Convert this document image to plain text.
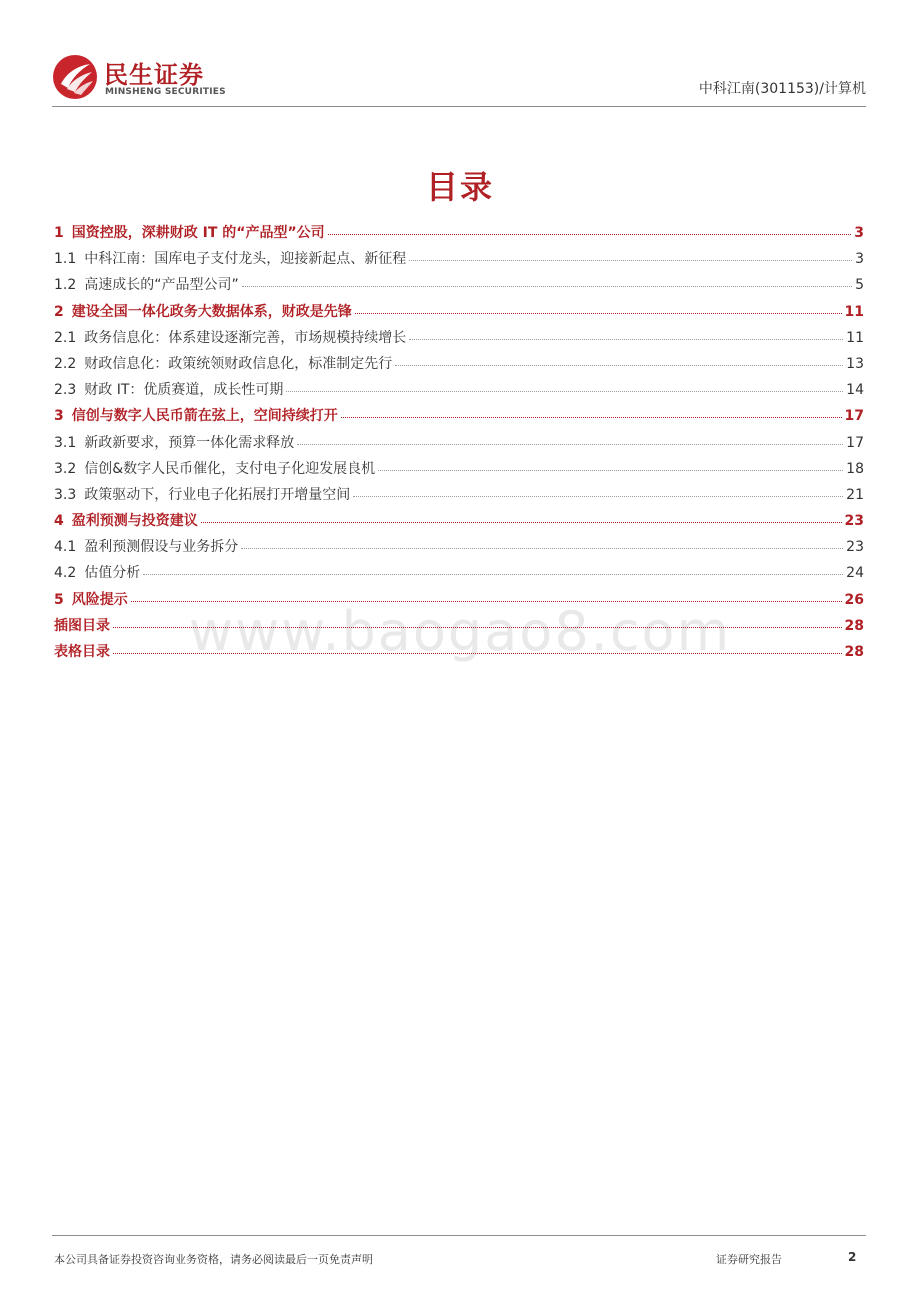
民生证券
MINSHENG SECURITIES	中科江南(301153)/计算机
目录
www.baogao8.com
1 国资控股，深耕财政 IT 的“产品型”公司	3
1.1 中科江南：国库电子支付龙头，迎接新起点、新征程	3
1.2 高速成长的“产品型公司”	5
2 建设全国一体化政务大数据体系，财政是先锋	11
2.1 政务信息化：体系建设逐渐完善，市场规模持续增长	11
2.2 财政信息化：政策统领财政信息化，标准制定先行	13
2.3 财政 IT：优质赛道，成长性可期	14
3 信创与数字人民币箭在弦上，空间持续打开	17
3.1 新政新要求，预算一体化需求释放	17
3.2 信创&数字人民币催化，支付电子化迎发展良机	18
3.3 政策驱动下，行业电子化拓展打开增量空间	21
4 盈利预测与投资建议	23
4.1 盈利预测假设与业务拆分	23
4.2 估值分析	24
5 风险提示	26
插图目录	28
表格目录	28
本公司具备证券投资咨询业务资格，请务必阅读最后一页免责声明	证券研究报告	2
